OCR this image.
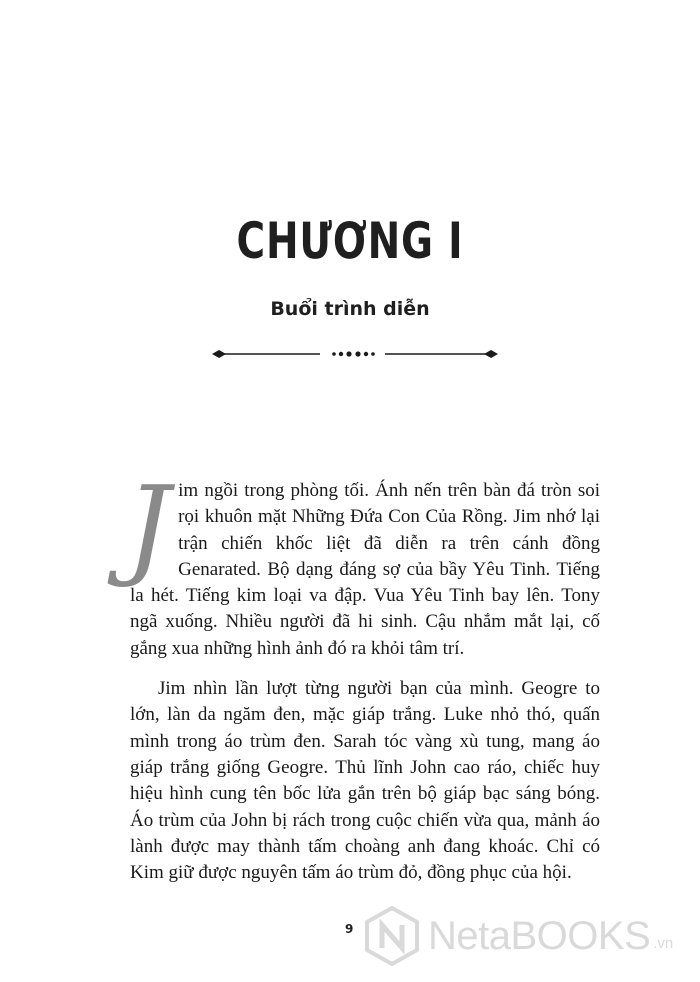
CHƯƠNG I
Buổi trình diễn

Jim ngồi trong phòng tối. Ánh nến trên bàn đá tròn soi rọi khuôn mặt Những Đứa Con Của Rồng. Jim nhớ lại trận chiến khốc liệt đã diễn ra trên cánh đồng Genarated. Bộ dạng đáng sợ của bầy Yêu Tinh. Tiếng la hét. Tiếng kim loại va đập. Vua Yêu Tinh bay lên. Tony ngã xuống. Nhiều người đã hi sinh. Cậu nhắm mắt lại, cố gắng xua những hình ảnh đó ra khỏi tâm trí.

Jim nhìn lần lượt từng người bạn của mình. Geogre to lớn, làn da ngăm đen, mặc giáp trắng. Luke nhỏ thó, quấn mình trong áo trùm đen. Sarah tóc vàng xù tung, mang áo giáp trắng giống Geogre. Thủ lĩnh John cao ráo, chiếc huy hiệu hình cung tên bốc lửa gắn trên bộ giáp bạc sáng bóng. Áo trùm của John bị rách trong cuộc chiến vừa qua, mảnh áo lành được may thành tấm choàng anh đang khoác. Chỉ có Kim giữ được nguyên tấm áo trùm đỏ, đồng phục của hội.

9 NetaBOOKS .vn
